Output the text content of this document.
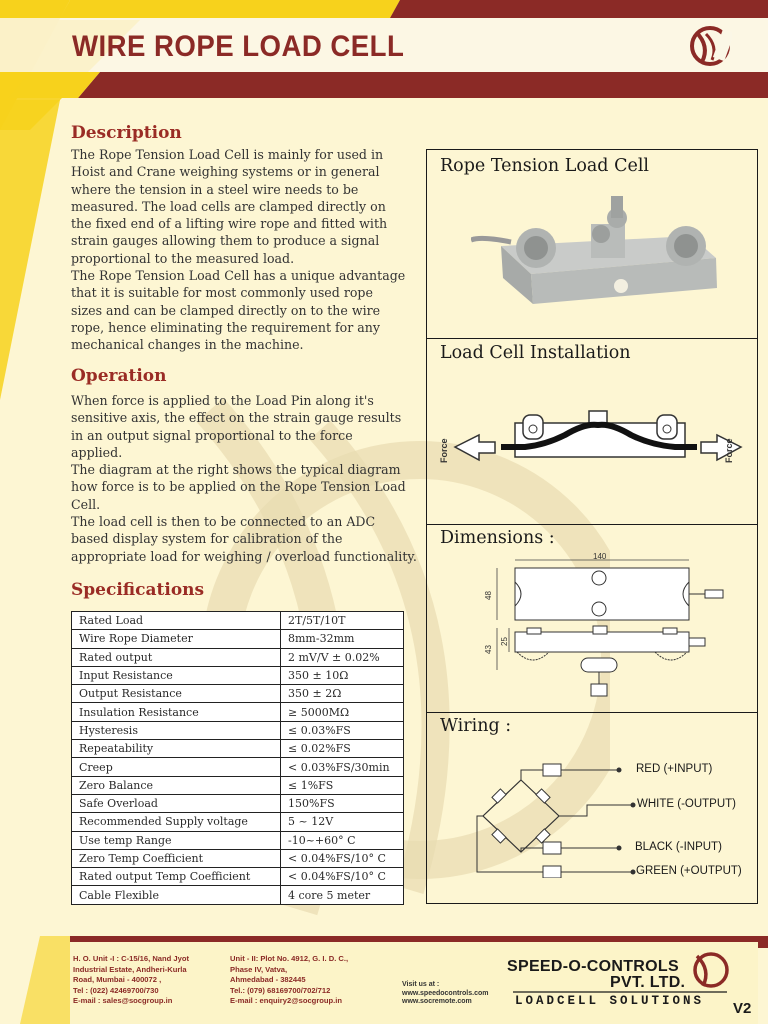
WIRE ROPE LOAD CELL
Description
The Rope Tension Load Cell is mainly for used in
Hoist and Crane weighing systems or in general
where the tension in a steel wire needs to be
measured. The load cells are clamped directly on
the fixed end of a lifting wire rope and fitted with
strain gauges allowing them to produce a signal
proportional to the measured load.
The Rope Tension Load Cell has a unique advantage
that it is suitable for most commonly used rope
sizes and can be clamped directly on to the wire
rope, hence eliminating the requirement for any
mechanical changes in the machine.
Operation
When force is applied to the Load Pin along it's
sensitive axis, the effect on the strain gauge results
in an output signal proportional to the force
applied.
The diagram at the right shows the typical diagram
how force is to be applied on the Rope Tension Load
Cell.
The load cell is then to be connected to an ADC
based display system for calibration of the
appropriate load for weighing / overload functionality.
Specifications
Rated Load	2T/5T/10T
Wire Rope Diameter	8mm-32mm
Rated output	2 mV/V ± 0.02%
Input Resistance	350 ± 10Ω
Output Resistance	350 ± 2Ω
Insulation Resistance	≥ 5000MΩ
Hysteresis	≤ 0.03%FS
Repeatability	≤ 0.02%FS
Creep	< 0.03%FS/30min
Zero Balance	≤ 1%FS
Safe Overload	150%FS
Recommended Supply voltage	5 ~ 12V
Use temp Range	-10~+60° C
Zero Temp Coefficient	< 0.04%FS/10° C
Rated output Temp Coefficient	< 0.04%FS/10° C
Cable Flexible	4 core 5 meter
Rope Tension Load Cell
Load Cell Installation
Force	Force
Dimensions :
140
48
43
25
Wiring :
RED (+INPUT)
WHITE (-OUTPUT)
BLACK (-INPUT)
GREEN (+OUTPUT)
H. O. Unit -I : C-15/16, Nand Jyot
Industrial Estate, Andheri-Kurla
Road, Mumbai - 400072 ,
Tel : (022) 42469700/730
E-mail : sales@socgroup.in
Unit - II: Plot No. 4912, G. I. D. C.,
Phase IV, Vatva,
Ahmedabad - 382445
Tel.: (079) 68169700/702/712
E-mail : enquiry2@socgroup.in
Visit us at :
www.speedocontrols.com
www.socremote.com
SPEED-O-CONTROLS
PVT. LTD.
LOADCELL SOLUTIONS V2
